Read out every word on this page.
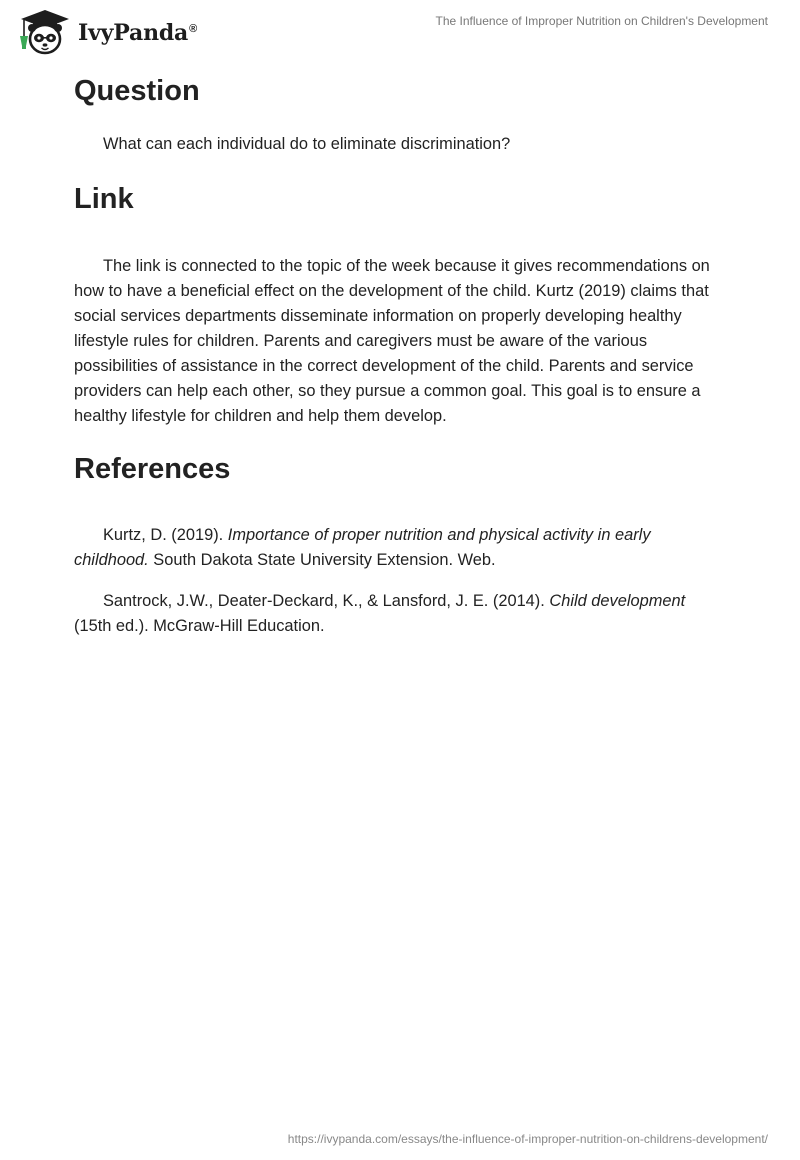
IvyPanda®
The Influence of Improper Nutrition on Children's Development
Question

What can each individual do to eliminate discrimination?

Link

The link is connected to the topic of the week because it gives recommendations on how to have a beneficial effect on the development of the child. Kurtz (2019) claims that social services departments disseminate information on properly developing healthy lifestyle rules for children. Parents and caregivers must be aware of the various possibilities of assistance in the correct development of the child. Parents and service providers can help each other, so they pursue a common goal. This goal is to ensure a healthy lifestyle for children and help them develop.

References

Kurtz, D. (2019). Importance of proper nutrition and physical activity in early childhood. South Dakota State University Extension. Web.

Santrock, J.W., Deater-Deckard, K., & Lansford, J. E. (2014). Child development (15th ed.). McGraw-Hill Education.

https://ivypanda.com/essays/the-influence-of-improper-nutrition-on-childrens-development/
